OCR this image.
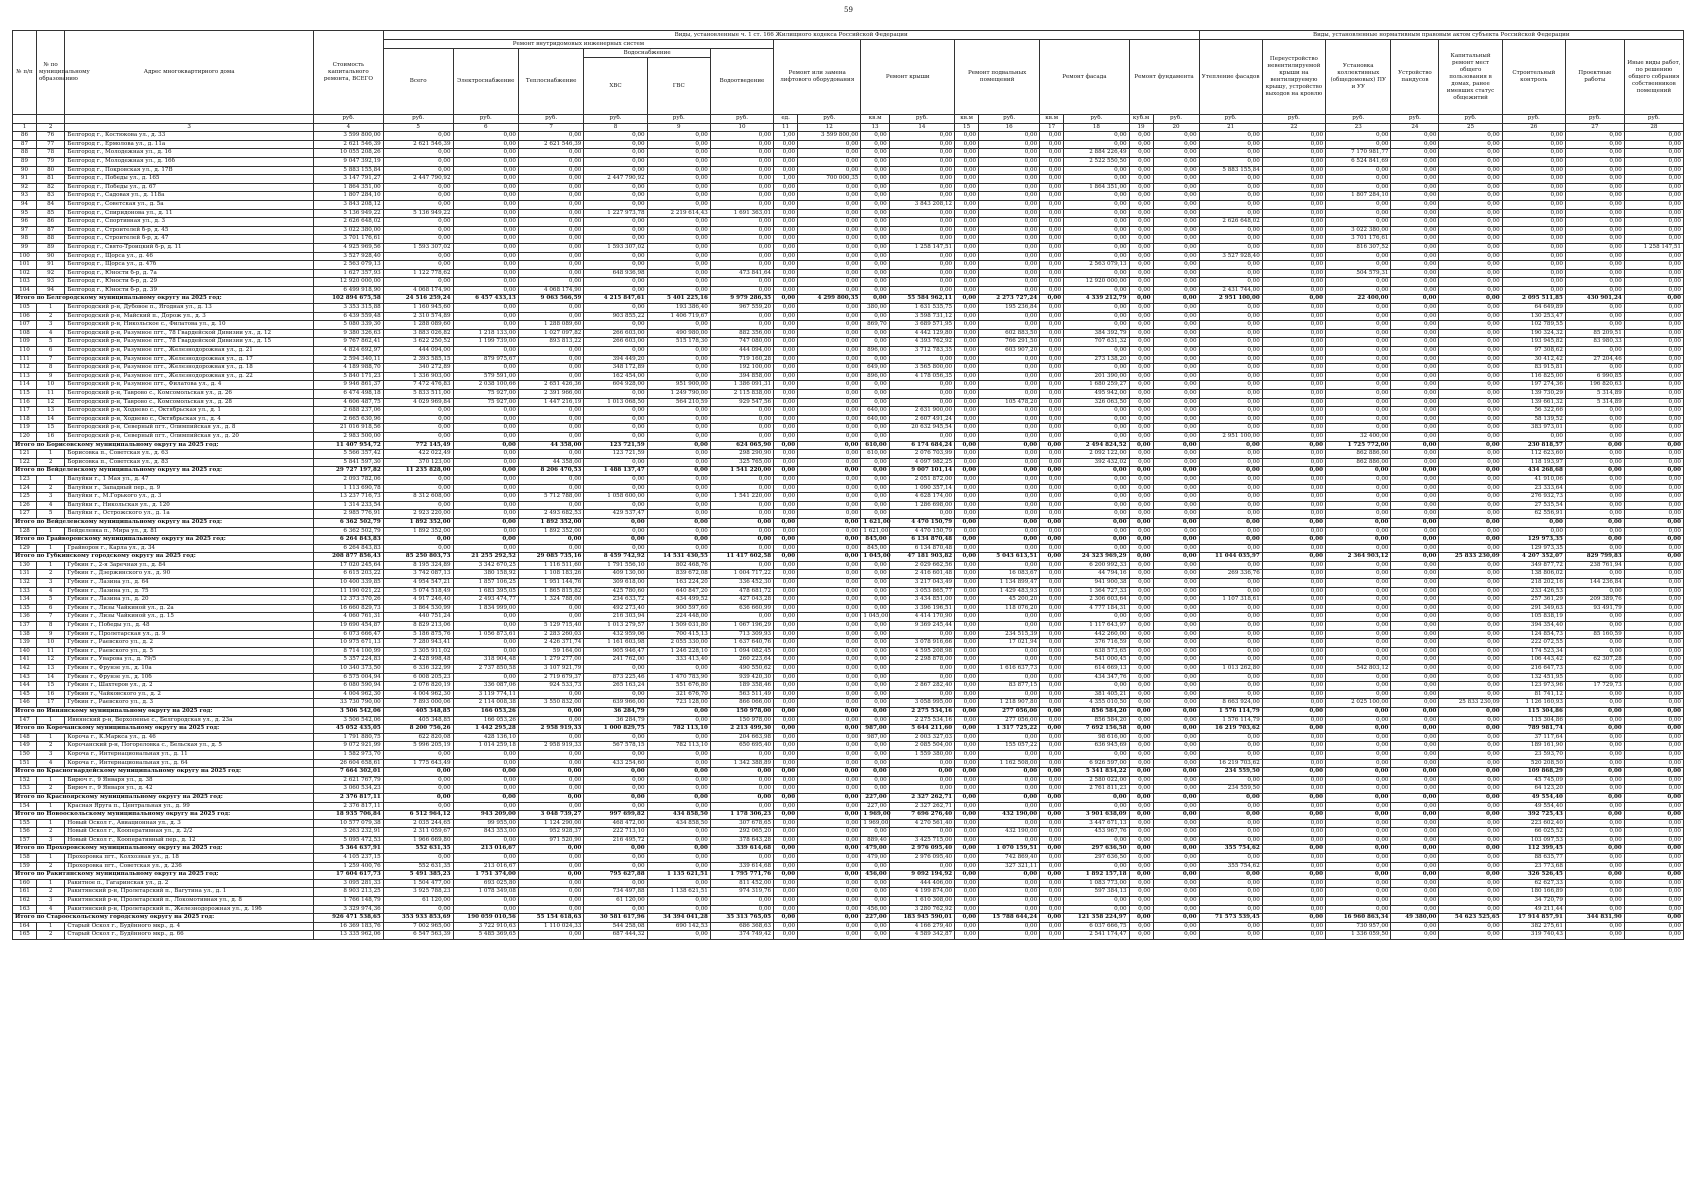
59
№ п/п	№ по муниципальному образованию	Адрес многоквартирного дома	Стоимость капитального ремонта, ВСЕГО	Виды, установленные ч. 1 ст. 166 Жилищного кодекса Российской Федерации																Виды, установленные нормативным правовым актом субъекта Российской Федерации							
				Ремонт внутридомовых инженерных систем						Ремонт или замена лифтового оборудования		Ремонт крыши		Ремонт подвальных помещений		Ремонт фасада		Ремонт фундамента		Утепление фасадов	Переустройство невентилируемой крыши на вентилируемую крышу, устройство выходов на кровлю	Установка коллективных (общедомовых) ПУ и УУ	Устройство пандусов	Капитальный ремонт мест общего пользования в домах, ранее имевших статус общежитий	Строительный контроль	Проектные работы	Иные виды работ, по решению общего собрания собственников помещений
				Всего	Электроснабжение	Теплоснабжение	Водоснабжение		Водоотведение																		
							ХВС	ГВС																			
			руб.	руб.	руб.	руб.	руб.	руб.	руб.	ед.	руб.	кв.м	руб.	кв.м	руб.	кв.м	руб.	куб.м	руб.	руб.	руб.	руб.	руб.	руб.	руб.	руб.	руб.
1	2	3	4	5	6	7	8	9	10	11	12	13	14	15	16	17	18	19	20	21	22	23	24	25	26	27	28
86	76	Белгород г., Костюкова ул., д. 33	3 599 800,00	0,00	0,00	0,00	0,00	0,00	0,00	1,00	3 599 800,00	0,00	0,00	0,00	0,00	0,00	0,00	0,00	0,00	0,00	0,00	0,00	0,00	0,00	0,00	0,00	0,00
87	77	Белгород г., Ермолова ул., д. 11а	2 621 546,39	2 621 546,39	0,00	2 621 546,39	0,00	0,00	0,00	0,00	0,00	0,00	0,00	0,00	0,00	0,00	0,00	0,00	0,00	0,00	0,00	0,00	0,00	0,00	0,00	0,00	0,00
88	78	Белгород г., Молодежная ул., д. 16	10 055 208,26	0,00	0,00	0,00	0,00	0,00	0,00	0,00	0,00	0,00	0,00	0,00	0,00	0,00	2 884 226,49	0,00	0,00	0,00	0,00	7 170 981,77	0,00	0,00	0,00	0,00	0,00
89	79	Белгород г., Молодежная ул., д. 16б	9 047 392,19	0,00	0,00	0,00	0,00	0,00	0,00	0,00	0,00	0,00	0,00	0,00	0,00	0,00	2 522 550,50	0,00	0,00	0,00	0,00	6 524 841,69	0,00	0,00	0,00	0,00	0,00
90	80	Белгород г., Покровская ул., д. 17В	5 883 155,84	0,00	0,00	0,00	0,00	0,00	0,00	0,00	0,00	0,00	0,00	0,00	0,00	0,00	0,00	0,00	0,00	5 883 155,84	0,00	0,00	0,00	0,00	0,00	0,00	0,00
91	81	Белгород г., Победы ул., д. 165	3 147 791,27	2 447 790,92	0,00	0,00	2 447 790,92	0,00	0,00	1,00	700 000,35	0,00	0,00	0,00	0,00	0,00	0,00	0,00	0,00	0,00	0,00	0,00	0,00	0,00	0,00	0,00	0,00
92	82	Белгород г., Победы ул., д. 67	1 864 351,00	0,00	0,00	0,00	0,00	0,00	0,00	0,00	0,00	0,00	0,00	0,00	0,00	0,00	1 864 351,00	0,00	0,00	0,00	0,00	0,00	0,00	0,00	0,00	0,00	0,00
93	83	Белгород г., Садовая ул., д. 118а	1 807 284,10	0,00	0,00	0,00	0,00	0,00	0,00	0,00	0,00	0,00	0,00	0,00	0,00	0,00	0,00	0,00	0,00	0,00	0,00	1 807 284,10	0,00	0,00	0,00	0,00	0,00
94	84	Белгород г., Советская ул., д. 5а	3 843 208,12	0,00	0,00	0,00	0,00	0,00	0,00	0,00	0,00	0,00	3 843 208,12	0,00	0,00	0,00	0,00	0,00	0,00	0,00	0,00	0,00	0,00	0,00	0,00	0,00	0,00
95	85	Белгород г., Спиридонова ул., д. 11	5 136 949,22	5 136 949,22	0,00	0,00	1 227 973,78	2 219 614,43	1 691 363,01	0,00	0,00	0,00	0,00	0,00	0,00	0,00	0,00	0,00	0,00	0,00	0,00	0,00	0,00	0,00	0,00	0,00	0,00
96	86	Белгород г., Спортивная ул., д. 3	2 626 648,02	0,00	0,00	0,00	0,00	0,00	0,00	0,00	0,00	0,00	0,00	0,00	0,00	0,00	0,00	0,00	0,00	2 626 648,02	0,00	0,00	0,00	0,00	0,00	0,00	0,00
97	87	Белгород г., Строителей б-р, д. 45	3 022 380,00	0,00	0,00	0,00	0,00	0,00	0,00	0,00	0,00	0,00	0,00	0,00	0,00	0,00	0,00	0,00	0,00	0,00	0,00	3 022 380,00	0,00	0,00	0,00	0,00	0,00
98	88	Белгород г., Строителей б-р, д. 47	3 701 176,61	0,00	0,00	0,00	0,00	0,00	0,00	0,00	0,00	0,00	0,00	0,00	0,00	0,00	0,00	0,00	0,00	0,00	0,00	3 701 176,61	0,00	0,00	0,00	0,00	0,00
99	89	Белгород г., Свято-Троицкий б-р, д. 11	4 925 969,56	1 593 307,02	0,00	0,00	1 593 307,02	0,00	0,00	0,00	0,00	0,00	1 258 147,51	0,00	0,00	0,00	0,00	0,00	0,00	0,00	0,00	816 307,52	0,00	0,00	0,00	0,00	1 258 147,51
100	90	Белгород г., Щорса ул., д. 46	3 527 928,40	0,00	0,00	0,00	0,00	0,00	0,00	0,00	0,00	0,00	0,00	0,00	0,00	0,00	0,00	0,00	0,00	3 527 928,40	0,00	0,00	0,00	0,00	0,00	0,00	0,00
101	91	Белгород г., Щорса ул., д. 47б	2 563 079,13	0,00	0,00	0,00	0,00	0,00	0,00	0,00	0,00	0,00	0,00	0,00	0,00	0,00	2 563 079,13	0,00	0,00	0,00	0,00	0,00	0,00	0,00	0,00	0,00	0,00
102	92	Белгород г., Юности б-р, д. 7а	1 627 357,93	1 122 778,62	0,00	0,00	648 936,98	0,00	473 841,64	0,00	0,00	0,00	0,00	0,00	0,00	0,00	0,00	0,00	0,00	0,00	0,00	504 579,31	0,00	0,00	0,00	0,00	0,00
103	93	Белгород г., Юности б-р, д. 29	12 920 000,00	0,00	0,00	0,00	0,00	0,00	0,00	0,00	0,00	0,00	0,00	0,00	0,00	0,00	12 920 000,00	0,00	0,00	0,00	0,00	0,00	0,00	0,00	0,00	0,00	0,00
104	94	Белгород г., Юности б-р, д. 39	6 499 918,90	4 068 174,90	0,00	4 068 174,90	0,00	0,00	0,00	0,00	0,00	0,00	0,00	0,00	0,00	0,00	0,00	0,00	0,00	2 431 744,00	0,00	0,00	0,00	0,00	0,00	0,00	0,00
Итого по Белгородскому муниципальному округу на 2025 год:			102 894 675,58	24 516 259,24	6 457 433,13	9 063 566,59	4 215 847,61	5 401 225,16	9 979 286,35	0,00	4 299 800,35	0,00	55 584 962,11	0,00	2 273 727,24	0,00	4 339 212,79	0,00	0,00	2 951 100,00	0,00	22 400,00	0,00	0,00	2 095 511,85	430 901,24	0,00
105	1	Белгородский р-н, Дубовое п., Ягодная ул., д. 13	3 353 315,88	1 160 945,60	0,00	0,00	0,00	193 386,40	967 559,20	0,00	0,00	380,00	1 631 535,75	0,00	195 236,84	0,00	0,00	0,00	0,00	0,00	0,00	0,00	0,00	0,00	64 649,89	0,00	0,00
106	2	Белгородский р-н, Майский п., Дорож ул., д. 3	6 439 559,48	2 310 574,89	0,00	0,00	903 855,22	1 406 719,67	0,00	0,00	0,00	0,00	3 598 731,12	0,00	0,00	0,00	0,00	0,00	0,00	0,00	0,00	0,00	0,00	0,00	130 253,47	0,00	0,00
107	3	Белгородский р-н, Никольское с., Филатова ул., д. 10	5 080 339,30	1 288 089,60	0,00	1 288 089,60	0,00	0,00	0,00	0,00	0,00	869,70	3 689 571,95	0,00	0,00	0,00	0,00	0,00	0,00	0,00	0,00	0,00	0,00	0,00	102 789,55	0,00	0,00
108	4	Белгородский р-н, Разумное пгт., 78 Гвардейской Дивизии ул., д. 12	9 380 326,63	3 883 026,82	1 218 133,00	1 027 097,82	266 603,00	490 980,00	882 356,00	0,00	0,00	0,00	4 442 129,80	0,00	602 883,50	0,00	384 392,79	0,00	0,00	0,00	0,00	0,00	0,00	0,00	190 324,32	85 209,51	0,00
109	5	Белгородский р-н, Разумное пгт., 78 Гвардейской Дивизии ул., д. 15	9 767 862,41	3 622 250,52	1 199 739,00	893 813,22	266 603,00	515 178,30	747 080,00	0,00	0,00	0,00	4 393 762,92	0,00	766 291,50	0,00	707 631,32	0,00	0,00	0,00	0,00	0,00	0,00	0,00	193 945,82	83 980,33	0,00
110	6	Белгородский р-н, Разумное пгт., Железнодорожная ул., д. 21	4 824 692,97	444 094,00	0,00	0,00	0,00	0,00	444 094,00	0,00	0,00	896,00	3 712 783,35	0,00	603 907,20	0,00	0,00	0,00	0,00	0,00	0,00	0,00	0,00	0,00	97 308,62	0,00	0,00
111	7	Белгородский р-н, Разумное пгт., Железнодорожная ул., д. 17	2 594 340,11	2 393 585,15	879 975,67	0,00	394 449,20	0,00	719 160,28	0,00	0,00	0,00	0,00	0,00	0,00	0,00	273 138,20	0,00	0,00	0,00	0,00	0,00	0,00	0,00	30 412,42	27 204,46	0,00
112	8	Белгородский р-н, Разумное пгт., Железнодорожная ул., д. 18	4 189 988,70	340 272,89	0,00	0,00	348 172,89	0,00	192 100,00	0,00	0,00	649,00	3 565 800,00	0,00	0,00	0,00	0,00	0,00	0,00	0,00	0,00	0,00	0,00	0,00	83 915,81	0,00	0,00
113	9	Белгородский р-н, Разумное пгт., Железнодорожная ул., д. 22	5 840 171,23	1 336 903,00	579 591,00	0,00	162 454,00	0,00	394 858,00	0,00	0,00	896,00	4 178 056,35	0,00	0,00	0,00	201 390,00	0,00	0,00	0,00	0,00	0,00	0,00	0,00	116 825,00	6 990,85	0,00
114	10	Белгородский р-н, Разумное пгт., Филатова ул., д. 4	9 946 861,37	7 472 476,83	2 038 100,66	2 651 426,36	604 928,00	951 900,00	1 386 091,31	0,00	0,00	0,00	0,00	0,00	0,00	0,00	1 680 259,27	0,00	0,00	0,00	0,00	0,00	0,00	0,00	197 274,36	196 820,63	0,00
115	11	Белгородский р-н, Таврово с., Комсомольская ул., д. 26	6 474 498,18	5 833 511,00	75 927,00	2 391 966,00	0,00	1 249 790,00	2 115 838,00	0,00	0,00	0,00	0,00	0,00	0,00	0,00	495 942,00	0,00	0,00	0,00	0,00	0,00	0,00	0,00	139 730,29	5 314,89	0,00
116	12	Белгородский р-н, Таврово с., Комсомольская ул., д. 28	4 606 487,75	4 029 969,84	75 927,00	1 447 216,19	1 013 068,50	564 210,59	929 547,56	0,00	0,00	0,00	0,00	0,00	105 478,20	0,00	326 063,50	0,00	0,00	0,00	0,00	0,00	0,00	0,00	139 661,32	5 314,89	0,00
117	13	Белгородский р-н, Ходнево с., Октябрьская ул., д. 1	2 688 237,06	0,00	0,00	0,00	0,00	0,00	0,00	0,00	0,00	640,00	2 631 900,00	0,00	0,00	0,00	0,00	0,00	0,00	0,00	0,00	0,00	0,00	0,00	56 322,66	0,00	0,00
118	14	Белгородский р-н, Ходнево с., Октябрьская ул., д. 4	2 665 630,96	0,00	0,00	0,00	0,00	0,00	0,00	0,00	0,00	640,00	2 607 491,24	0,00	0,00	0,00	0,00	0,00	0,00	0,00	0,00	0,00	0,00	0,00	58 139,52	0,00	0,00
119	15	Белгородский р-н, Северный пгт., Олимпийская ул., д. 8	21 016 918,56	0,00	0,00	0,00	0,00	0,00	0,00	0,00	0,00	0,00	20 632 945,54	0,00	0,00	0,00	0,00	0,00	0,00	0,00	0,00	0,00	0,00	0,00	383 973,01	0,00	0,00
120	16	Белгородский р-н, Северный пгт., Олимпийская ул., д. 20	2 983 500,00	0,00	0,00	0,00	0,00	0,00	0,00	0,00	0,00	0,00	0,00	0,00	0,00	0,00	0,00	0,00	0,00	2 951 100,00	0,00	32 400,00	0,00	0,00	0,00	0,00	0,00
Итого по Борисовскому муниципальному округу на 2025 год:			11 407 954,72	772 145,49	0,00	44 358,00	123 721,59	0,00	624 065,90	0,00	0,00	610,00	6 174 684,24	0,00	0,00	0,00	2 494 824,52	0,00	0,00	0,00	0,00	1 725 772,00	0,00	0,00	230 818,57	0,00	0,00
121	1	Борисовка п., Советская ул., д. 63	5 566 357,42	422 022,49	0,00	0,00	123 721,59	0,00	298 290,90	0,00	0,00	610,00	2 076 703,99	0,00	0,00	0,00	2 092 122,00	0,00	0,00	0,00	0,00	862 886,00	0,00	0,00	112 623,60	0,00	0,00
122	2	Борисовка п., Советская ул., д. 83	5 841 597,30	370 123,00	0,00	44 358,00	0,00	0,00	325 765,00	0,00	0,00	0,00	4 097 982,25	0,00	0,00	0,00	392 432,02	0,00	0,00	0,00	0,00	862 886,00	0,00	0,00	118 193,97	0,00	0,00
Итого по Вейделевскому муниципальному округу на 2025 год:			29 727 197,82	11 235 828,00	0,00	8 206 470,53	1 488 137,47	0,00	1 541 220,00	0,00	0,00	0,00	9 007 101,14	0,00	0,00	0,00	0,00	0,00	0,00	0,00	0,00	0,00	0,00	0,00	434 268,68	0,00	0,00
123	1	Валуйки г., 1 Мая ул., д. 47	2 093 782,06	0,00	0,00	0,00	0,00	0,00	0,00	0,00	0,00	0,00	2 051 872,00	0,00	0,00	0,00	0,00	0,00	0,00	0,00	0,00	0,00	0,00	0,00	41 910,06	0,00	0,00
124	2	Валуйки г., Западный пер., д. 9	1 113 690,78	0,00	0,00	0,00	0,00	0,00	0,00	0,00	0,00	0,00	1 090 357,14	0,00	0,00	0,00	0,00	0,00	0,00	0,00	0,00	0,00	0,00	0,00	23 333,64	0,00	0,00
125	3	Валуйки г., М.Горького ул., д. 3	13 237 716,73	8 312 608,00	0,00	5 712 788,00	1 058 600,00	0,00	1 541 220,00	0,00	0,00	0,00	4 628 174,00	0,00	0,00	0,00	0,00	0,00	0,00	0,00	0,00	0,00	0,00	0,00	276 932,73	0,00	0,00
126	4	Валуйки г., Никольская ул., д. 120	1 314 233,54	0,00	0,00	0,00	0,00	0,00	0,00	0,00	0,00	0,00	1 286 698,00	0,00	0,00	0,00	0,00	0,00	0,00	0,00	0,00	0,00	0,00	0,00	27 535,54	0,00	0,00
127	5	Валуйки г., Острожского ул., д. 1а	2 985 776,91	2 923 220,00	0,00	2 493 682,53	429 537,47	0,00	0,00	0,00	0,00	0,00	0,00	0,00	0,00	0,00	0,00	0,00	0,00	0,00	0,00	0,00	0,00	0,00	62 556,91	0,00	0,00
Итого по Вейделевскому муниципальному округу на 2025 год:			6 362 502,79	1 892 352,00	0,00	1 892 352,00	0,00	0,00	0,00	0,00	0,00	1 621,00	4 470 150,79	0,00	0,00	0,00	0,00	0,00	0,00	0,00	0,00	0,00	0,00	0,00	0,00	0,00	0,00
128	1	Вейделевка п., Мира ул., д. 81	6 362 502,79	1 892 352,00	0,00	1 892 352,00	0,00	0,00	0,00	0,00	0,00	1 621,00	4 470 150,79	0,00	0,00	0,00	0,00	0,00	0,00	0,00	0,00	0,00	0,00	0,00	0,00	0,00	0,00
Итого по Грайворонскому муниципальному округу на 2025 год:			6 264 843,83	0,00	0,00	0,00	0,00	0,00	0,00	0,00	0,00	845,00	6 134 870,48	0,00	0,00	0,00	0,00	0,00	0,00	0,00	0,00	0,00	0,00	0,00	129 973,35	0,00	0,00
129	1	Грайворон г., Карла ул., д. 34	6 264 843,83	0,00	0,00	0,00	0,00	0,00	0,00	0,00	0,00	845,00	6 134 870,48	0,00	0,00	0,00	0,00	0,00	0,00	0,00	0,00	0,00	0,00	0,00	129 973,35	0,00	0,00
Итого по Губкинскому городскому округу на 2025 год:			208 877 856,43	85 250 803,73	21 255 292,52	29 085 735,16	8 459 742,92	14 531 430,55	11 417 602,58	0,00	0,00	1 045,00	47 181 903,82	0,00	5 043 613,51	0,00	24 323 969,29	0,00	0,00	11 044 035,97	0,00	2 364 903,12	0,00	25 833 230,09	4 207 352,07	829 799,83	0,00
130	1	Губкин г., 2-я Заречная ул., д. 84	17 020 245,64	8 195 324,89	3 342 670,25	1 116 511,60	1 791 556,10	802 468,76	0,00	0,00	0,00	0,00	2 029 662,56	0,00	0,00	0,00	6 200 992,33	0,00	0,00	0,00	0,00	0,00	0,00	0,00	349 877,72	238 761,94	0,00
131	2	Губкин г., Дзержинского ул., д. 90	6 615 203,22	3 742 087,13	380 158,92	1 108 183,26	409 130,00	839 672,08	1 004 717,22	0,00	0,00	0,00	2 416 601,48	0,00	16 083,67	0,00	44 794,16	0,00	0,00	269 336,76	0,00	0,00	0,00	0,00	138 806,02	0,00	0,00
132	3	Губкин г., Лазина ул., д. 64	10 400 339,85	4 954 547,21	1 857 106,25	1 951 144,76	309 618,00	163 224,20	336 452,30	0,00	0,00	0,00	3 217 043,49	0,00	1 134 899,47	0,00	941 900,38	0,00	0,00	0,00	0,00	0,00	0,00	0,00	218 202,16	144 236,84	0,00
133	4	Губкин г., Лазина ул., д. 75	11 190 021,22	5 074 518,49	1 683 395,05	1 865 815,82	425 780,60	640 847,20	478 681,72	0,00	0,00	0,00	3 053 865,77	0,00	1 429 483,93	0,00	1 364 727,33	0,00	0,00	0,00	0,00	0,00	0,00	0,00	233 426,53	0,00	0,00
134	5	Губкин г., Лазина ул., д. 20	12 373 370,26	4 917 246,40	2 493 474,77	1 324 788,00	234 633,72	434 499,52	427 043,28	0,00	0,00	0,00	3 434 851,00	0,00	45 200,20	0,00	2 306 603,64	0,00	0,00	1 107 318,61	0,00	0,00	0,00	0,00	257 361,29	209 389,76	0,00
135	6	Губкин г., Лизы Чайкиной ул., д. 2а	16 660 829,73	3 864 530,99	1 834 999,00	0,00	492 273,40	900 597,60	636 660,99	0,00	0,00	0,00	3 396 196,51	0,00	118 076,20	0,00	4 777 184,31	0,00	0,00	0,00	0,00	0,00	0,00	0,00	291 349,63	93 491,79	0,00
136	7	Губкин г., Лизы Чайкиной ул., д. 15	4 060 761,31	440 751,24	0,00	0,00	216 303,94	224 448,00	0,00	0,00	0,00	1 045,00	4 414 170,90	0,00	0,00	0,00	0,00	0,00	0,00	0,00	0,00	0,00	0,00	0,00	105 838,19	0,00	0,00
137	8	Губкин г., Победы ул., д. 48	19 690 454,87	8 829 213,06	0,00	5 129 715,40	1 013 279,57	1 509 031,80	1 067 196,29	0,00	0,00	0,00	9 369 245,44	0,00	0,00	0,00	1 117 643,97	0,00	0,00	0,00	0,00	0,00	0,00	0,00	394 354,40	0,00	0,00
138	9	Губкин г., Пролетарская ул., д. 9	6 073 666,47	5 186 875,76	1 056 873,61	2 283 260,03	432 959,06	700 415,13	713 309,93	0,00	0,00	0,00	0,00	0,00	234 515,39	0,00	442 260,00	0,00	0,00	0,00	0,00	0,00	0,00	0,00	124 854,73	85 160,59	0,00
139	10	Губкин г., Раевского ул., д. 2	10 975 671,13	7 280 943,41	0,00	2 426 371,74	1 161 603,98	2 055 330,00	1 637 640,76	0,00	0,00	0,00	3 078 916,66	0,00	17 021,94	0,00	376 716,59	0,00	0,00	0,00	0,00	0,00	0,00	0,00	222 072,55	0,00	0,00
140	11	Губкин г., Раевского ул., д. 5	8 714 100,99	3 305 911,02	0,00	59 164,00	905 946,47	1 246 228,10	1 094 082,45	0,00	0,00	0,00	4 595 208,98	0,00	0,00	0,00	638 573,65	0,00	0,00	0,00	0,00	0,00	0,00	0,00	174 523,34	0,00	0,00
141	12	Губкин г., Уварова ул., д. 79/5	5 357 224,83	2 428 998,48	318 904,48	1 279 277,00	241 762,00	333 413,40	260 223,64	0,00	0,00	0,00	2 298 878,00	0,00	0,00	0,00	541 000,45	0,00	0,00	0,00	0,00	0,00	0,00	0,00	106 443,42	62 307,28	0,00
142	13	Губкин г., Фрунзе ул., д. 10а	10 340 373,50	6 336 322,99	2 737 850,58	3 107 921,79	0,00	0,00	490 550,62	0,00	0,00	0,00	0,00	0,00	1 616 637,73	0,00	614 669,13	0,00	0,00	1 013 262,80	0,00	542 803,12	0,00	0,00	216 647,73	0,00	0,00
143	14	Губкин г., Фрунзе ул., д. 10б	6 575 004,94	6 008 205,23	0,00	2 719 679,37	873 225,46	1 470 783,90	939 420,30	0,00	0,00	0,00	0,00	0,00	0,00	0,00	434 347,76	0,00	0,00	0,00	0,00	0,00	0,00	0,00	132 451,95	0,00	0,00
144	15	Губкин г., Шахтеров ул., д. 2	6 080 590,94	2 076 820,19	336 087,06	924 533,73	265 163,24	551 676,80	189 358,46	0,00	0,00	0,00	2 867 282,40	0,00	83 877,15	0,00	0,00	0,00	0,00	0,00	0,00	0,00	0,00	0,00	123 973,96	17 729,73	0,00
145	16	Губкин г., Чайковского ул., д. 2	4 004 962,30	4 004 962,30	3 119 774,11	0,00	0,00	321 676,70	563 511,49	0,00	0,00	0,00	0,00	0,00	0,00	0,00	381 405,21	0,00	0,00	0,00	0,00	0,00	0,00	0,00	81 741,12	0,00	0,00
146	17	Губкин г., Раевского ул., д. 3	33 730 790,00	7 893 000,06	2 114 008,38	3 550 832,00	639 966,00	723 128,00	866 066,00	0,00	0,00	0,00	3 058 995,00	0,00	1 218 907,80	0,00	4 355 010,50	0,00	0,00	8 663 924,00	0,00	2 025 100,00	0,00	25 833 230,09	1 126 160,93	0,00	0,00
Итого по Ивнянскому муниципальному округу на 2025 год:			3 506 542,06	405 348,85	166 053,26	0,00	36 284,79	0,00	150 978,00	0,00	0,00	0,00	2 275 534,16	0,00	277 056,00	0,00	856 584,20	0,00	0,00	1 576 114,79	0,00	0,00	0,00	0,00	115 304,86	0,00	0,00
147	1	Ивнянский р-н, Верхопенье с., Белгородская ул., д. 23а	3 506 542,06	405 348,85	166 053,26	0,00	36 284,79	0,00	150 978,00	0,00	0,00	0,00	2 275 534,16	0,00	277 056,00	0,00	856 584,20	0,00	0,00	1 576 114,79	0,00	0,00	0,00	0,00	115 304,86	0,00	0,00
Итого по Корочанскому муниципальному округу на 2025 год:			45 052 435,05	8 200 756,26	1 442 295,28	2 958 919,33	1 000 829,75	782 113,10	2 213 499,30	0,00	0,00	987,00	5 644 211,60	0,00	1 317 725,22	0,00	7 692 156,58	0,00	0,00	16 219 703,62	0,00	0,00	0,00	0,00	789 981,74	0,00	0,00
148	1	Короча г., К.Маркса ул., д. 46	1 791 880,75	622 820,08	428 136,10	0,00	0,00	0,00	204 663,98	0,00	0,00	987,00	2 003 327,03	0,00	0,00	0,00	98 616,00	0,00	0,00	0,00	0,00	0,00	0,00	0,00	37 117,64	0,00	0,00
149	2	Корочанский р-н, Погореловка с., Бельская ул., д. 5	9 072 921,99	5 996 205,19	1 014 259,18	2 958 919,33	567 578,15	782 113,10	650 695,40	0,00	0,00	0,00	2 085 504,00	0,00	155 057,22	0,00	636 945,69	0,00	0,00	0,00	0,00	0,00	0,00	0,00	189 161,90	0,00	0,00
150	3	Короча г., Интернациональная ул., д. 11	1 582 973,70	0,00	0,00	0,00	0,00	0,00	0,00	0,00	0,00	0,00	1 559 380,00	0,00	0,00	0,00	0,00	0,00	0,00	0,00	0,00	0,00	0,00	0,00	23 593,70	0,00	0,00
151	4	Короча г., Интернациональная ул., д. 64	26 604 658,61	1 775 643,49	0,00	0,00	433 254,60	0,00	1 342 388,89	0,00	0,00	0,00	0,00	0,00	1 162 508,00	0,00	6 926 597,00	0,00	0,00	16 219 703,62	0,00	0,00	0,00	0,00	520 208,50	0,00	0,00
Итого по Красногвардейскому муниципальному округу на 2025 год:			7 664 302,01	0,00	0,00	0,00	0,00	0,00	0,00	0,00	0,00	0,00	0,00	0,00	0,00	0,00	5 341 834,22	0,00	0,00	234 559,50	0,00	0,00	0,00	0,00	109 868,29	0,00	0,00
152	1	Бирюч г., 9 Января ул., д. 38	2 621 767,79	0,00	0,00	0,00	0,00	0,00	0,00	0,00	0,00	0,00	0,00	0,00	0,00	0,00	2 580 022,00	0,00	0,00	0,00	0,00	0,00	0,00	0,00	45 745,09	0,00	0,00
153	2	Бирюч г., 9 Января ул., д. 42	3 060 534,23	0,00	0,00	0,00	0,00	0,00	0,00	0,00	0,00	0,00	0,00	0,00	0,00	0,00	2 761 811,23	0,00	0,00	234 559,50	0,00	0,00	0,00	0,00	64 123,20	0,00	0,00
Итого по Красноярскому муниципальному округу на 2025 год:			2 376 817,11	0,00	0,00	0,00	0,00	0,00	0,00	0,00	0,00	227,00	2 327 262,71	0,00	0,00	0,00	0,00	0,00	0,00	0,00	0,00	0,00	0,00	0,00	49 554,40	0,00	0,00
154	1	Красная Яруга п., Центральная ул., д. 99	2 376 817,11	0,00	0,00	0,00	0,00	0,00	0,00	0,00	0,00	227,00	2 327 262,71	0,00	0,00	0,00	0,00	0,00	0,00	0,00	0,00	0,00	0,00	0,00	49 554,40	0,00	0,00
Итого по Новооскольскому муниципальному округу на 2025 год:			18 935 706,84	6 512 964,12	943 209,00	3 048 739,27	997 699,82	434 858,50	1 178 306,23	0,00	0,00	1 969,00	7 696 276,40	0,00	432 190,00	0,00	3 901 638,09	0,00	0,00	0,00	0,00	0,00	0,00	0,00	392 725,43	0,00	0,00
155	1	Новый Оскол г., Авиационная ул., д. 3	10 577 079,38	2 035 244,65	99 955,00	1 124 290,00	468 472,00	434 858,50	307 678,65	0,00	0,00	1 969,00	4 270 561,40	0,00	0,00	0,00	3 447 671,13	0,00	0,00	0,00	0,00	0,00	0,00	0,00	223 602,40	0,00	0,00
156	2	Новый Оскол г., Кооперативная ул., д. 2/2	3 263 232,91	2 311 059,67	843 353,00	952 928,37	222 713,10	0,00	292 065,20	0,00	0,00	0,00	0,00	0,00	432 190,00	0,00	453 967,76	0,00	0,00	0,00	0,00	0,00	0,00	0,00	66 025,52	0,00	0,00
157	3	Новый Оскол г., Кооперативный пер., д. 12	5 095 472,53	1 966 669,80	0,00	971 520,90	216 495,72	0,00	378 643,28	0,00	0,00	889,40	3 425 715,00	0,00	0,00	0,00	0,00	0,00	0,00	0,00	0,00	0,00	0,00	0,00	103 097,53	0,00	0,00
Итого по Прохоровскому муниципальному округу на 2025 год:			5 364 637,91	552 631,35	213 016,67	0,00	0,00	0,00	339 614,68	0,00	0,00	479,00	2 976 095,40	0,00	1 070 159,51	0,00	297 636,50	0,00	0,00	355 754,62	0,00	0,00	0,00	0,00	112 399,45	0,00	0,00
158	1	Прохоровка пгт., Колхозная ул., д. 18	4 105 237,15	0,00	0,00	0,00	0,00	0,00	0,00	0,00	0,00	479,00	2 976 095,40	0,00	742 869,40	0,00	297 636,50	0,00	0,00	0,00	0,00	0,00	0,00	0,00	88 635,77	0,00	0,00
159	2	Прохоровка пгт., Советская ул., д. 236	1 259 400,76	552 631,35	213 016,67	0,00	0,00	0,00	339 614,68	0,00	0,00	0,00	0,00	0,00	327 321,11	0,00	0,00	0,00	0,00	355 754,62	0,00	0,00	0,00	0,00	23 773,68	0,00	0,00
Итого по Ракитянскому муниципальному округу на 2025 год:			17 604 617,73	5 491 385,23	1 751 374,00	0,00	795 627,88	1 135 621,51	1 795 771,76	0,00	0,00	456,00	9 092 194,92	0,00	0,00	0,00	1 892 157,18	0,00	0,00	0,00	0,00	0,00	0,00	0,00	326 526,45	0,00	0,00
160	1	Ракитное п., Гагаринская ул., д. 2	3 095 281,33	1 504 477,00	693 025,80	0,00	0,00	0,00	811 452,00	0,00	0,00	0,00	444 406,00	0,00	0,00	0,00	1 083 773,00	0,00	0,00	0,00	0,00	0,00	0,00	0,00	62 627,33	0,00	0,00
161	2	Ракитянский р-н, Пролетарский п., Вагутина ул., д. 1	8 903 213,25	3 925 788,23	1 078 349,08	0,00	734 497,88	1 138 621,51	974 319,76	0,00	0,00	0,00	4 199 874,00	0,00	0,00	0,00	597 384,13	0,00	0,00	0,00	0,00	0,00	0,00	0,00	180 166,89	0,00	0,00
162	3	Ракитянский р-н, Пролетарский п., Локомотивная ул., д. 8	1 766 148,79	61 120,00	0,00	0,00	61 120,00	0,00	0,00	0,00	0,00	0,00	1 610 308,00	0,00	0,00	0,00	0,00	0,00	0,00	0,00	0,00	0,00	0,00	0,00	34 720,79	0,00	0,00
163	4	Ракитянский р-н, Пролетарский п., Железнодорожная ул., д. 19б	3 329 974,36	0,00	0,00	0,00	0,00	0,00	0,00	0,00	0,00	456,00	3 280 762,92	0,00	0,00	0,00	0,00	0,00	0,00	0,00	0,00	0,00	0,00	0,00	49 211,44	0,00	0,00
Итого по Старооскольскому городскому округу на 2025 год:			926 471 538,65	353 933 853,69	190 059 010,56	55 154 618,63	30 581 617,96	34 394 041,28	35 313 765,05	0,00	0,00	227,00	183 945 590,01	0,00	15 788 644,24	0,00	121 358 224,97	0,00	0,00	71 573 539,45	0,00	16 960 863,34	49 380,00	54 623 525,65	17 914 857,91	344 831,90	0,00
164	1	Старый Оскол г., Будённого мкр., д. 4	16 369 183,76	7 002 965,00	3 722 910,63	1 110 024,33	544 258,08	690 142,53	686 368,63	0,00	0,00	0,00	4 166 279,40	0,00	0,00	0,00	6 037 666,75	0,00	0,00	0,00	0,00	730 957,00	0,00	0,00	382 275,61	0,00	0,00
165	2	Старый Оскол г., Будённого мкр., д. 66	13 335 962,06	6 547 563,39	5 485 369,65	0,00	687 444,32	0,00	374 749,42	0,00	0,00	0,00	4 589 342,87	0,00	0,00	0,00	2 541 174,47	0,00	0,00	0,00	0,00	1 336 059,50	0,00	0,00	319 740,43	0,00	0,00
